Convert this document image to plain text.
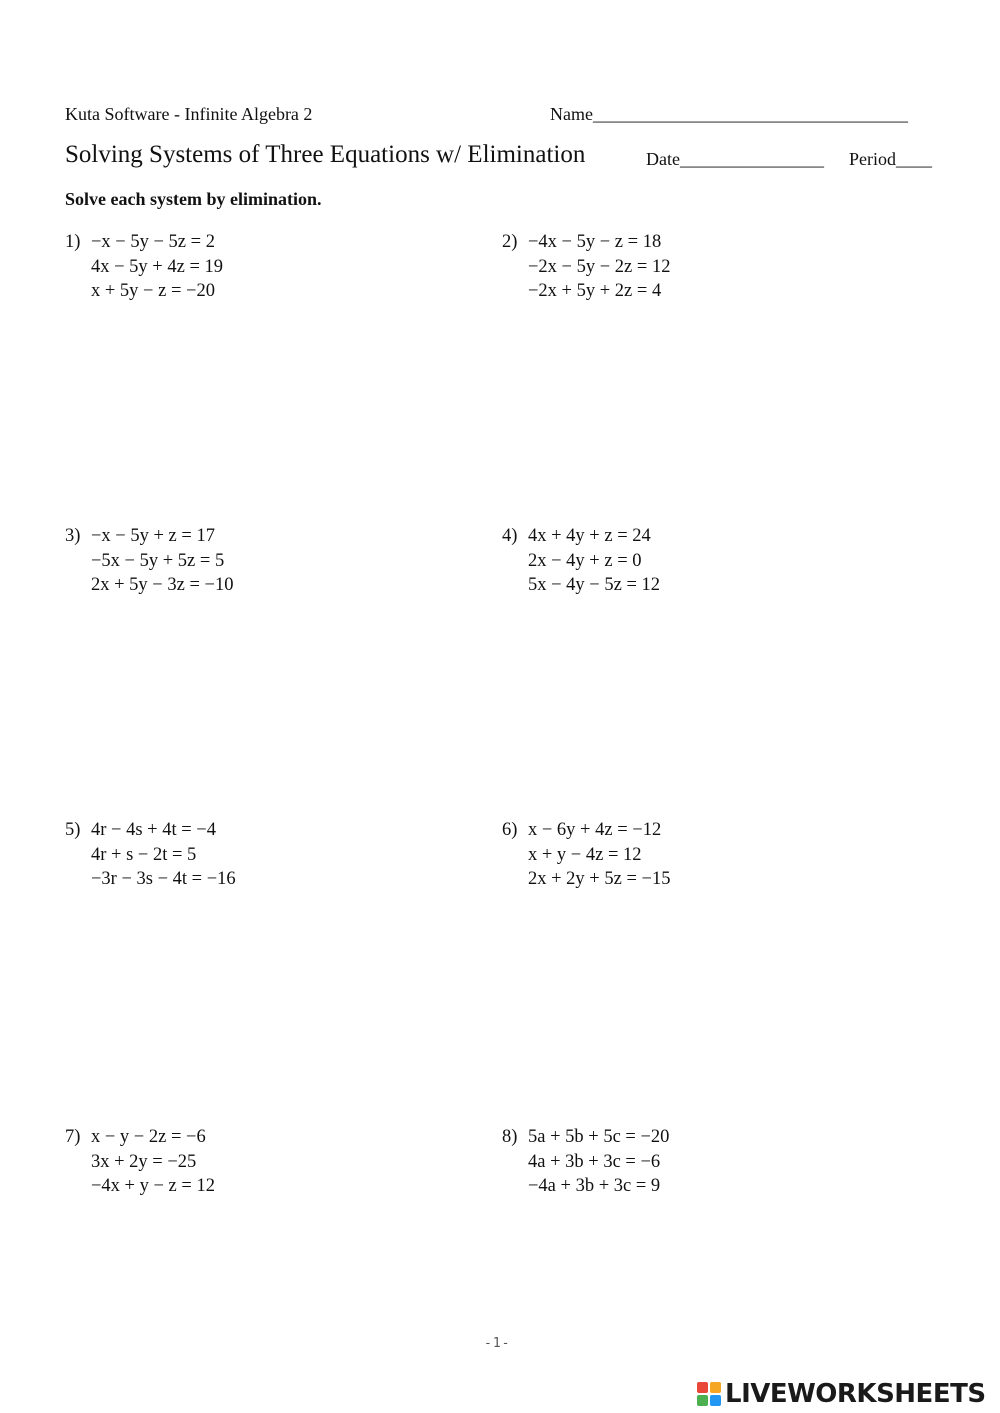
Kuta Software - Infinite Algebra 2	Name___________________________________
Solving Systems of Three Equations w/ Elimination	Date________________ Period____
Solve each system by elimination.
1) −x − 5y − 5z = 2
4x − 5y + 4z = 19
x + 5y − z = −20
2) −4x − 5y − z = 18
−2x − 5y − 2z = 12
−2x + 5y + 2z = 4
3) −x − 5y + z = 17
−5x − 5y + 5z = 5
2x + 5y − 3z = −10
4) 4x + 4y + z = 24
2x − 4y + z = 0
5x − 4y − 5z = 12
5) 4r − 4s + 4t = −4
4r + s − 2t = 5
−3r − 3s − 4t = −16
6) x − 6y + 4z = −12
x + y − 4z = 12
2x + 2y + 5z = −15
7) x − y − 2z = −6
3x + 2y = −25
−4x + y − z = 12
8) 5a + 5b + 5c = −20
4a + 3b + 3c = −6
−4a + 3b + 3c = 9
-1-
LIVEWORKSHEETS
